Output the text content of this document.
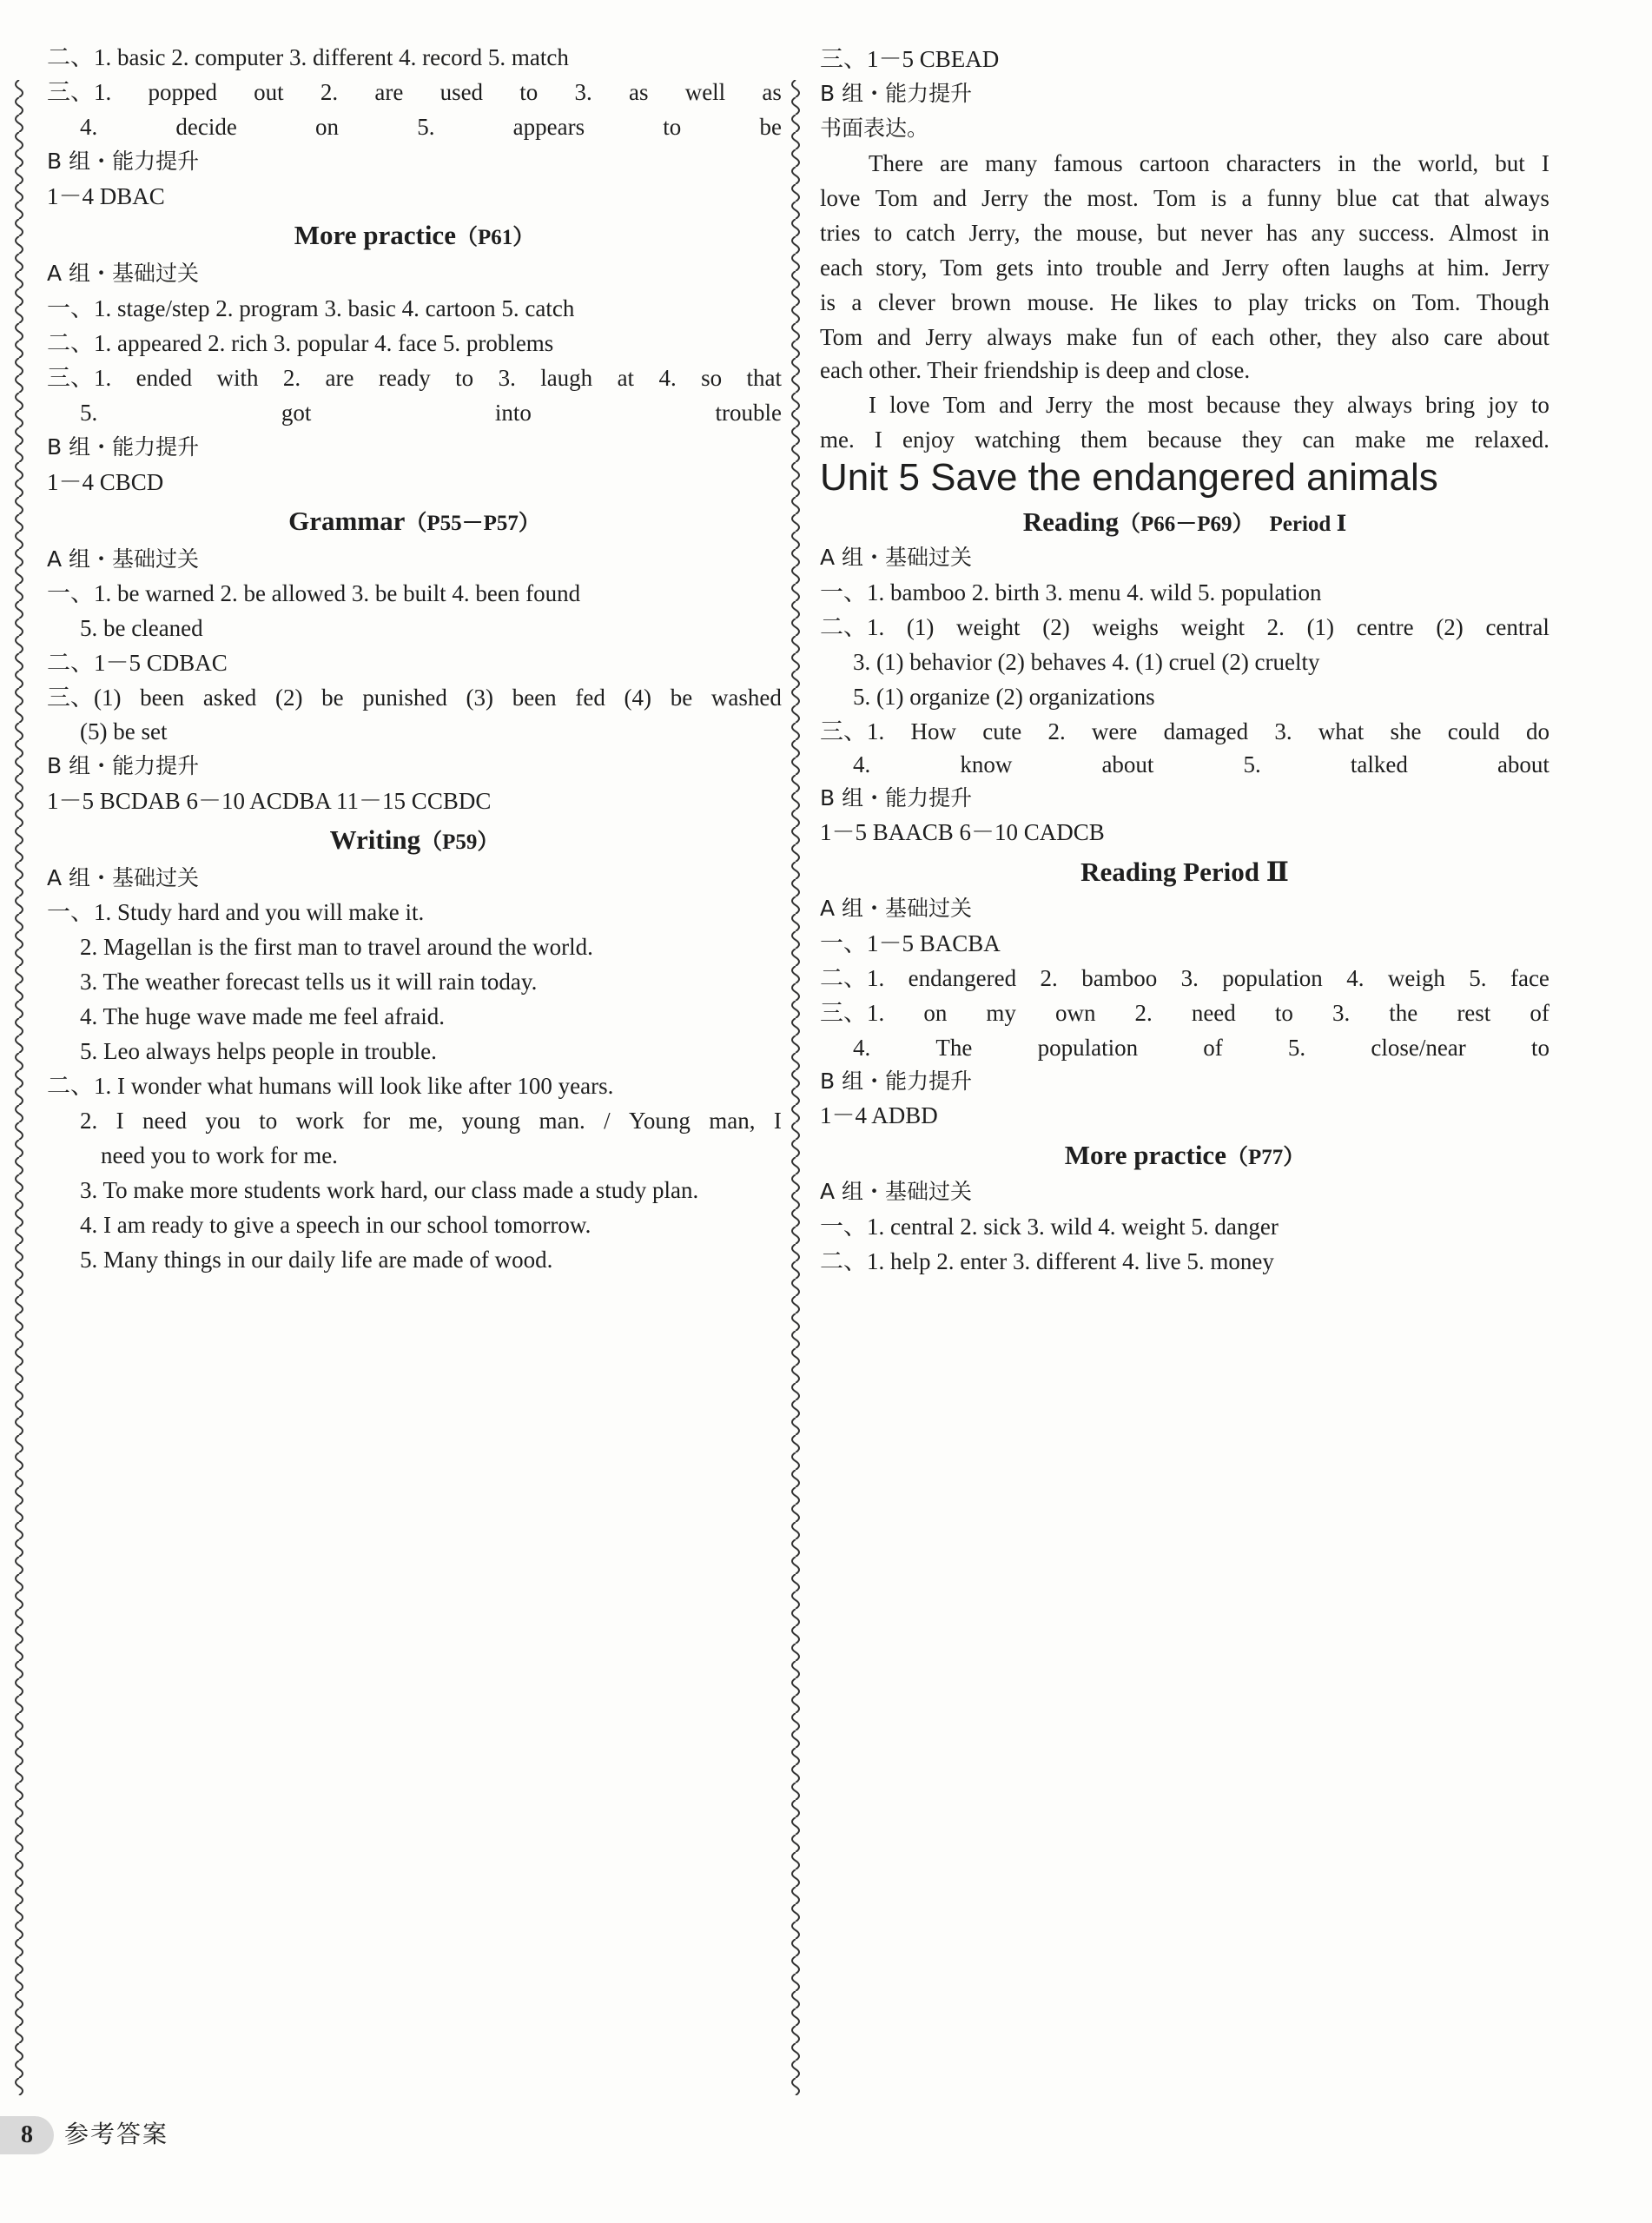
二、1. basic 2. computer 3. different 4. record 5. match
三、1. popped out 2. are used to 3. as well as
4.	decide	on	5.	appears	to	be
B 组・能力提升
1－4 DBAC
More practice（P61）
A 组・基础过关
一、1. stage/step 2. program 3. basic 4. cartoon 5. catch
二、1. appeared 2. rich 3. popular 4. face 5. problems
三、1. ended with 2. are ready to 3. laugh at 4. so that
5.	got	into	trouble
B 组・能力提升
1－4 CBCD
Grammar（P55－P57）
A 组・基础过关
一、1. be warned 2. be allowed 3. be built 4. been found
5. be cleaned
二、1－5 CDBAC
三、(1) been asked (2) be punished (3) been fed (4) be washed
(5) be set
B 组・能力提升
1－5 BCDAB 6－10 ACDBA 11－15 CCBDC
Writing（P59）
A 组・基础过关
一、1. Study hard and you will make it.
2. Magellan is the first man to travel around the world.
3. The weather forecast tells us it will rain today.
4. The huge wave made me feel afraid.
5. Leo always helps people in trouble.
二、1. I wonder what humans will look like after 100 years.
2. I need you to work for me, young man. / Young man, I
need you to work for me.
3. To make more students work hard, our class made a study plan.
4. I am ready to give a speech in our school tomorrow.
5. Many things in our daily life are made of wood.
三、1－5 CBEAD
B 组・能力提升
书面表达。
There are many famous cartoon characters in the world, but I
love Tom and Jerry the most. Tom is a funny blue cat that always
tries to catch Jerry, the mouse, but never has any success. Almost in
each story, Tom gets into trouble and Jerry often laughs at him. Jerry
is a clever brown mouse. He likes to play tricks on Tom. Though
Tom and Jerry always make fun of each other, they also care about
each other. Their friendship is deep and close.
I love Tom and Jerry the most because they always bring joy to
me. I enjoy watching them because they can make me relaxed.
Unit 5 Save the endangered animals
Reading（P66－P69） Period Ⅰ
A 组・基础过关
一、1. bamboo 2. birth 3. menu 4. wild 5. population
二、1. (1) weight (2) weighs weight 2. (1) centre (2) central
3. (1) behavior (2) behaves 4. (1) cruel (2) cruelty
5. (1) organize (2) organizations
三、1. How cute 2. were damaged 3. what she could do
4.	know	about	5.	talked	about
B 组・能力提升
1－5 BAACB 6－10 CADCB
Reading Period Ⅱ
A 组・基础过关
一、1－5 BACBA
二、1. endangered 2. bamboo 3. population 4. weigh 5. face
三、1. on my own 2. need to 3. the rest of
4.	The	population	of	5.	close/near	to
B 组・能力提升
1－4 ADBD
More practice（P77）
A 组・基础过关
一、1. central 2. sick 3. wild 4. weight 5. danger
二、1. help 2. enter 3. different 4. live 5. money
8	参考答案
